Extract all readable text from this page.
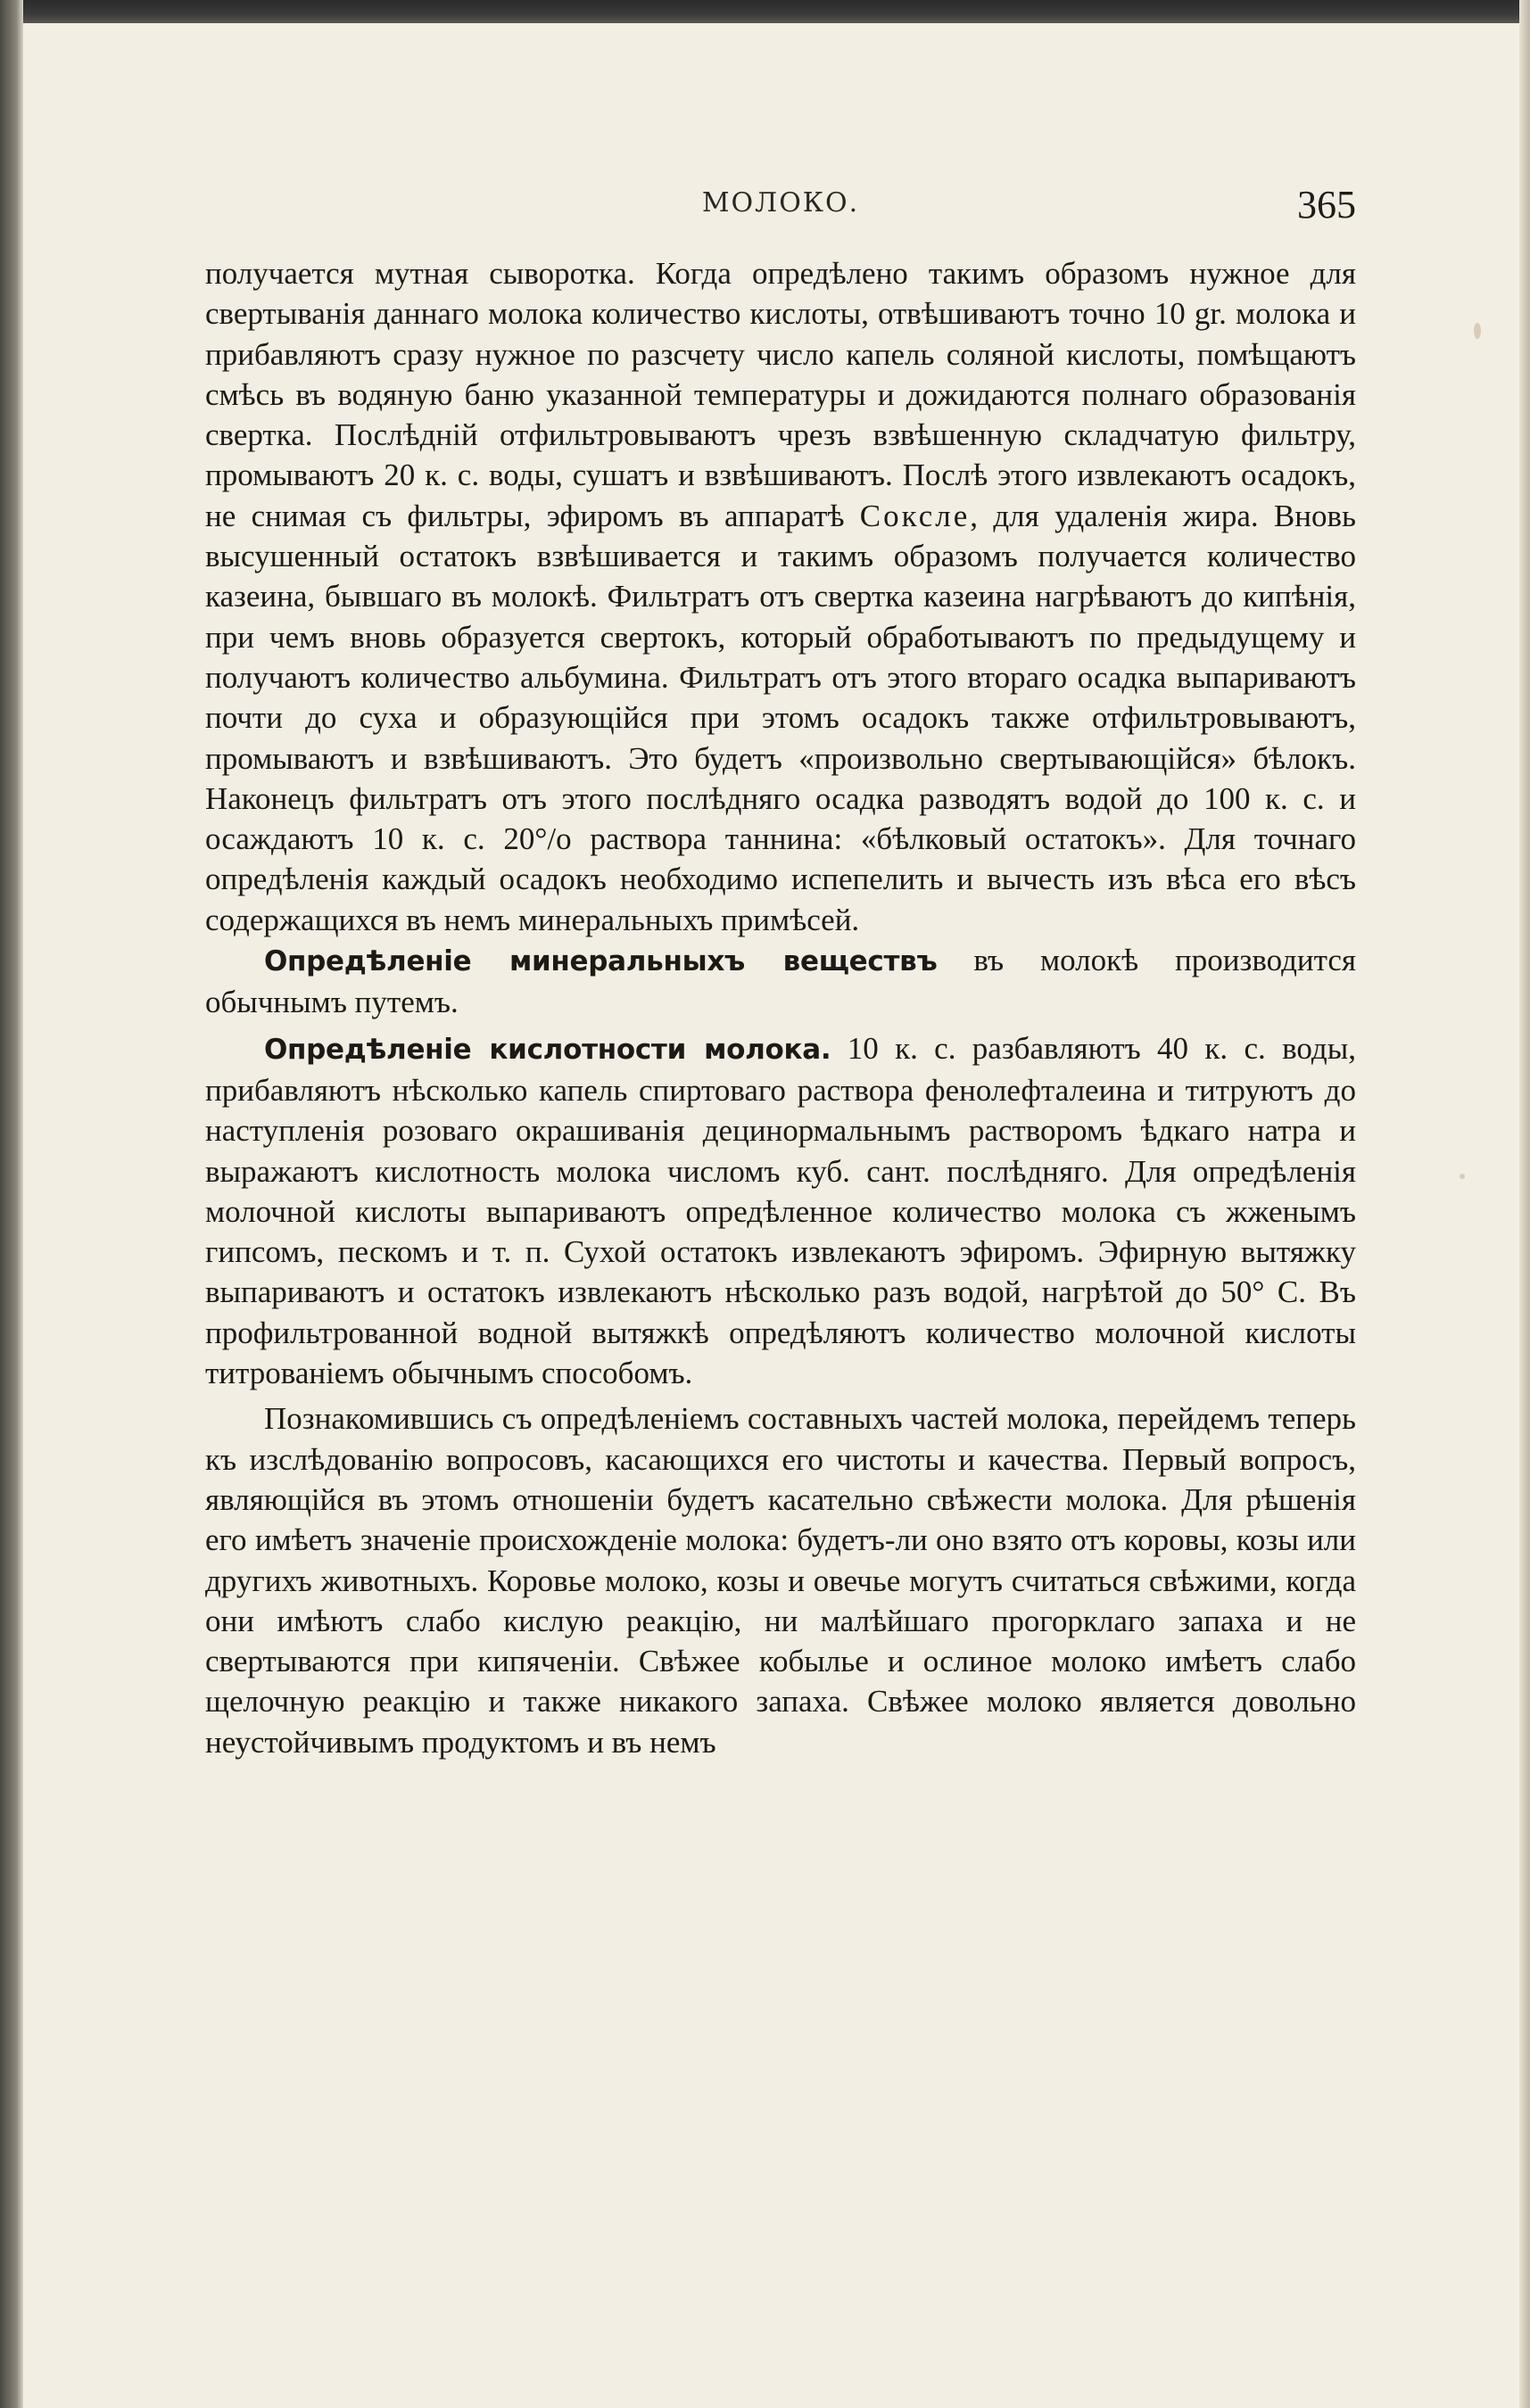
МОЛОКО.	365

получается мутная сыворотка. Когда опредѣлено такимъ образомъ нужное для свертыванія даннаго молока количество кислоты, отвѣшиваютъ точно 10 gr. молока и прибавляютъ сразу нужное по разсчету число капель соляной кислоты, помѣщаютъ смѣсь въ водяную баню указанной температуры и дожидаются полнаго образованія свертка. Послѣдній отфильтровываютъ чрезъ взвѣшенную складчатую фильтру, промываютъ 20 к. с. воды, сушатъ и взвѣшиваютъ. Послѣ этого извлекаютъ осадокъ, не снимая съ фильтры, эфиромъ въ аппаратѣ Сокслe, для удаленія жира. Вновь высушенный остатокъ взвѣшивается и такимъ образомъ получается количество казеина, бывшаго въ молокѣ. Фильтратъ отъ свертка казеина нагрѣваютъ до кипѣнія, при чемъ вновь образуется свертокъ, который обработываютъ по предыдущему и получаютъ количество альбумина. Фильтратъ отъ этого втораго осадка выпариваютъ почти до суха и образующійся при этомъ осадокъ также отфильтровываютъ, промываютъ и взвѣшиваютъ. Это будетъ «произвольно свертывающійся» бѣлокъ. Наконецъ фильтратъ отъ этого послѣдняго осадка разводятъ водой до 100 к. с. и осаждаютъ 10 к. с. 20°/о раствора таннина: «бѣлковый остатокъ». Для точнаго опредѣленія каждый осадокъ необходимо испепелить и вычесть изъ вѣса его вѣсъ содержащихся въ немъ минеральныхъ примѣсей.

Опредѣленіе минеральныхъ веществъ въ молокѣ производится обычнымъ путемъ.

Опредѣленіе кислотности молока. 10 к. с. разбавляютъ 40 к. с. воды, прибавляютъ нѣсколько капель спиртоваго раствора фенолефталеина и титруютъ до наступленія розоваго окрашиванія децинормальнымъ растворомъ ѣдкаго натра и выражаютъ кислотность молока числомъ куб. сант. послѣдняго. Для опредѣленія молочной кислоты выпариваютъ опредѣленное количество молока съ жженымъ гипсомъ, пескомъ и т. п. Сухой остатокъ извлекаютъ эфиромъ. Эфирную вытяжку выпариваютъ и остатокъ извлекаютъ нѣсколько разъ водой, нагрѣтой до 50° С. Въ профильтрованной водной вытяжкѣ опредѣляютъ количество молочной кислоты титрованіемъ обычнымъ способомъ.

Познакомившись съ опредѣленіемъ составныхъ частей молока, перейдемъ теперь къ изслѣдованію вопросовъ, касающихся его чистоты и качества. Первый вопросъ, являющійся въ этомъ отношеніи будетъ касательно свѣжести молока. Для рѣшенія его имѣетъ значеніе происхожденіе молока: будетъ-ли оно взято отъ коровы, козы или другихъ животныхъ. Коровье молоко, козы и овечье могутъ считаться свѣжими, когда они имѣютъ слабо кислую реакцію, ни малѣйшаго прогорклаго запаха и не свертываются при кипяченіи. Свѣжее кобылье и ослиное молоко имѣетъ слабо щелочную реакцію и также никакого запаха. Свѣжее молоко является довольно неустойчивымъ продуктомъ и въ немъ
